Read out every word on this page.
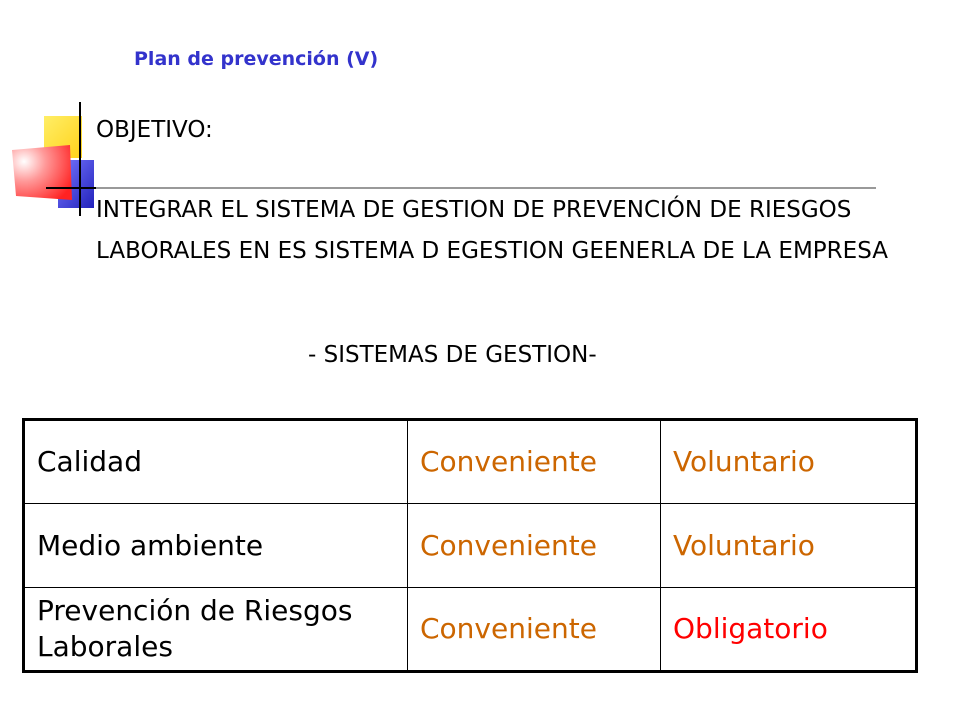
Plan de prevención (V)
OBJETIVO:
INTEGRAR EL SISTEMA DE GESTION DE PREVENCIÓN DE RIESGOS LABORALES EN ES SISTEMA D EGESTION GEENERLA DE LA EMPRESA
- SISTEMAS DE GESTION-
Calidad	Conveniente	Voluntario
Medio ambiente	Conveniente	Voluntario
Prevención de Riesgos Laborales	Conveniente	Obligatorio
